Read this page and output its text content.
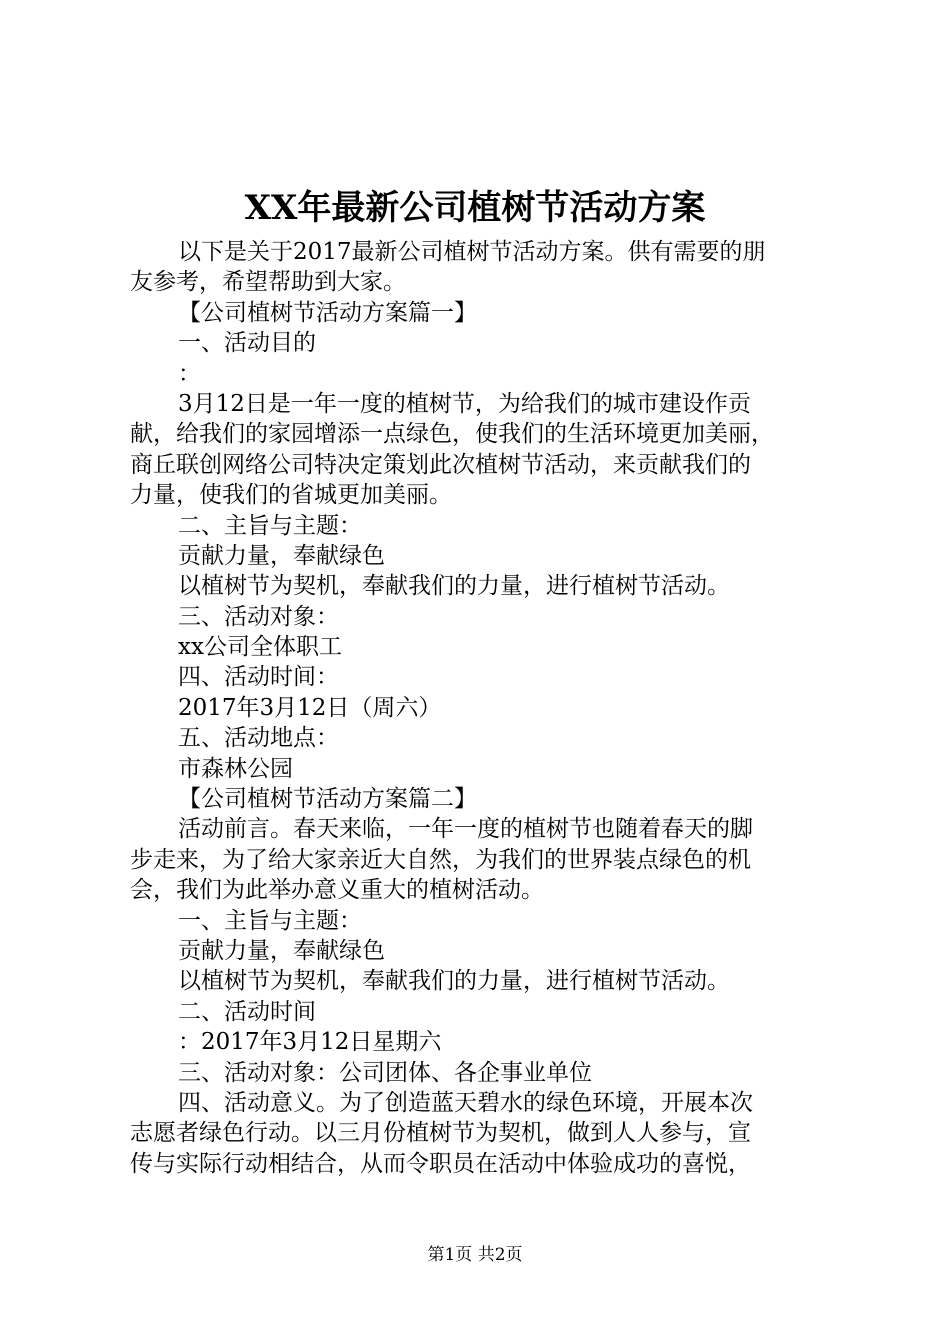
XX年最新公司植树节活动方案
以下是关于2017最新公司植树节活动方案。供有需要的朋
友参考，希望帮助到大家。
【公司植树节活动方案篇一】
一、活动目的
：
3月12日是一年一度的植树节，为给我们的城市建设作贡
献，给我们的家园增添一点绿色，使我们的生活环境更加美丽，
商丘联创网络公司特决定策划此次植树节活动，来贡献我们的
力量，使我们的省城更加美丽。
二、主旨与主题：
贡献力量，奉献绿色
以植树节为契机，奉献我们的力量，进行植树节活动。
三、活动对象：
xx公司全体职工
四、活动时间：
2017年3月12日（周六）
五、活动地点：
市森林公园
【公司植树节活动方案篇二】
活动前言。春天来临，一年一度的植树节也随着春天的脚
步走来，为了给大家亲近大自然，为我们的世界装点绿色的机
会，我们为此举办意义重大的植树活动。
一、主旨与主题：
贡献力量，奉献绿色
以植树节为契机，奉献我们的力量，进行植树节活动。
二、活动时间
：2017年3月12日星期六
三、活动对象：公司团体、各企事业单位
四、活动意义。为了创造蓝天碧水的绿色环境，开展本次
志愿者绿色行动。以三月份植树节为契机，做到人人参与，宣
传与实际行动相结合，从而令职员在活动中体验成功的喜悦，
第1页 共2页
